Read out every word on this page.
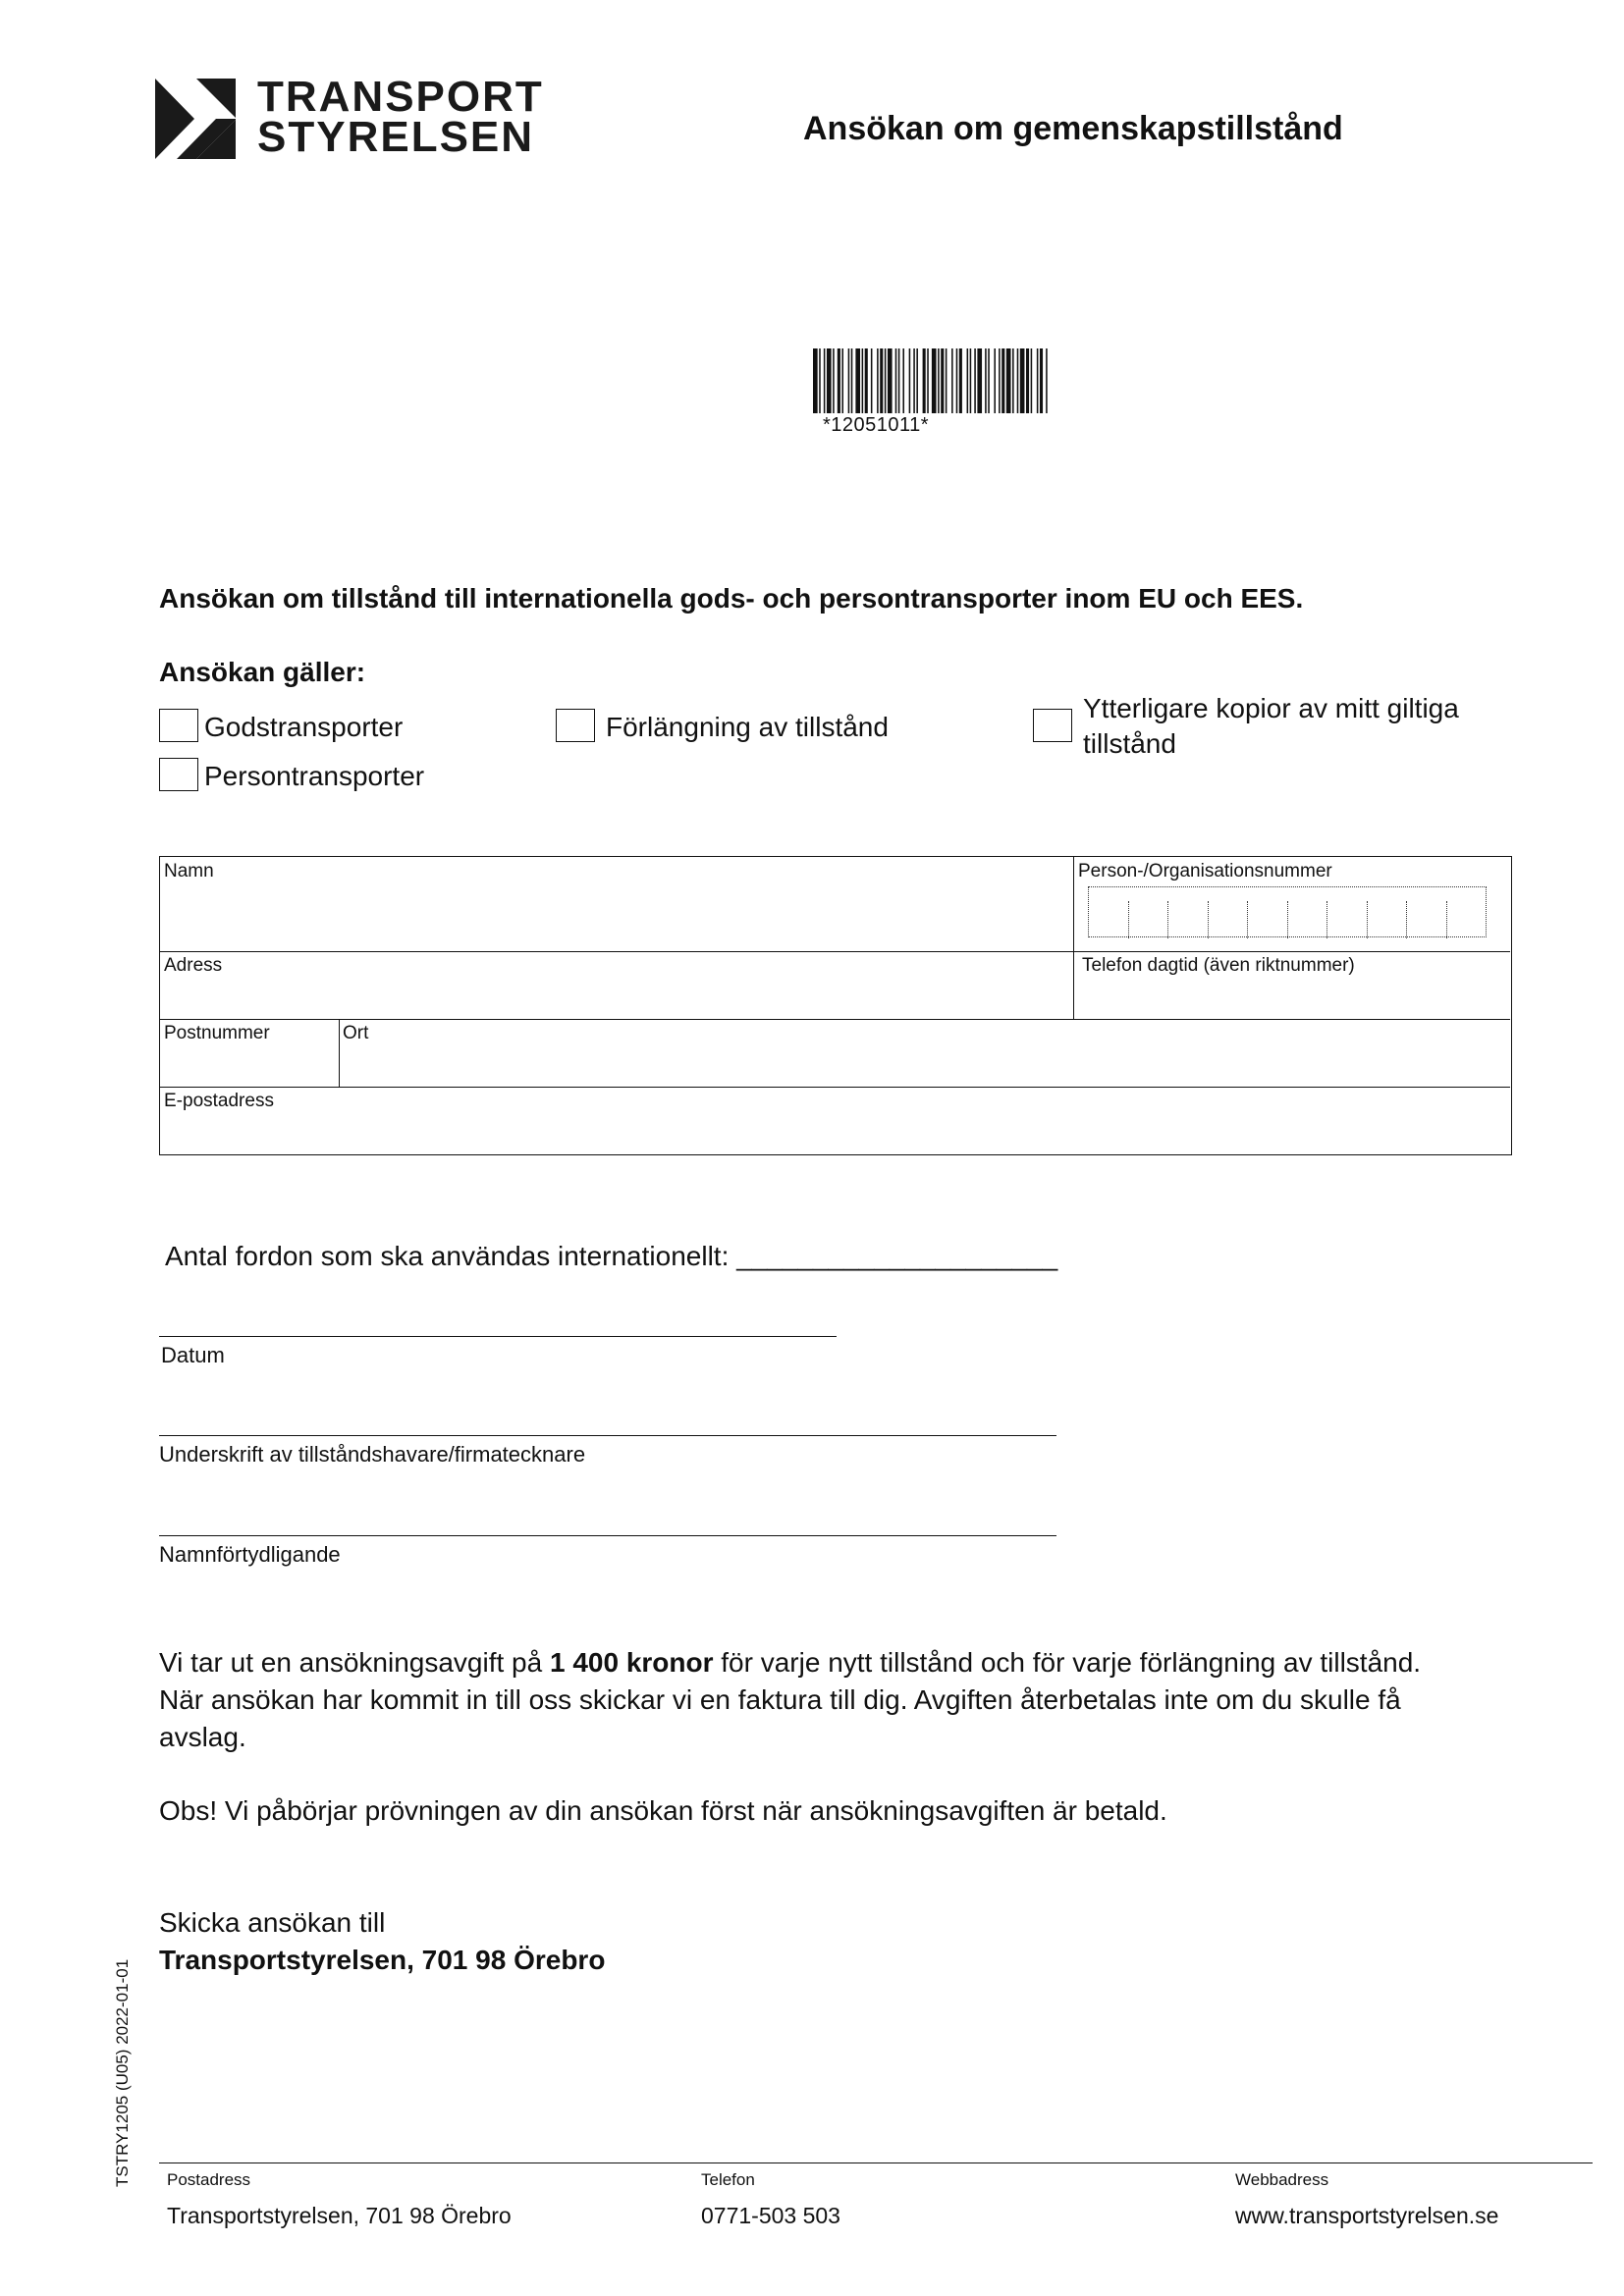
TRANSPORT
STYRELSEN	Ansökan om gemenskapstillstånd
*12051011*
Ansökan om tillstånd till internationella gods- och persontransporter inom EU och EES.
Ansökan gäller:
Godstransporter
Persontransporter
Förlängning av tillstånd
Ytterligare kopior av mitt giltiga
tillstånd
Namn	Person-/Organisationsnummer
Adress	Telefon dagtid (även riktnummer)
Postnummer	Ort
E-postadress
Antal fordon som ska användas internationellt: _____________________
Datum
Underskrift av tillståndshavare/firmatecknare
Namnförtydligande
Vi tar ut en ansökningsavgift på 1 400 kronor för varje nytt tillstånd och för varje förlängning av tillstånd.
När ansökan har kommit in till oss skickar vi en faktura till dig. Avgiften återbetalas inte om du skulle få
avslag.
Obs! Vi påbörjar prövningen av din ansökan först när ansökningsavgiften är betald.
Skicka ansökan till
Transportstyrelsen, 701 98 Örebro
TSTRY1205 (U05) 2022-01-01 Postadress
Transportstyrelsen, 701 98 Örebro
Telefon
0771-503 503
Webbadress
www.transportstyrelsen.se
